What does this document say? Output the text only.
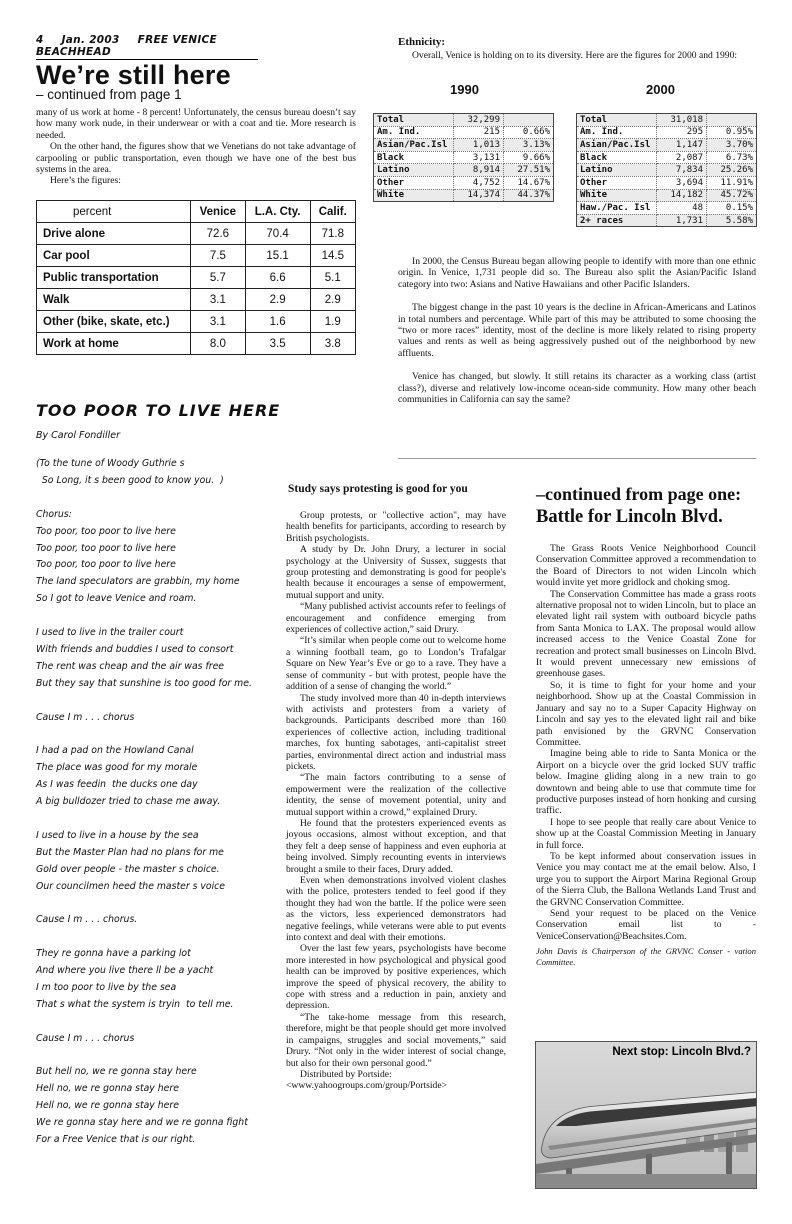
4 Jan. 2003 FREE VENICE BEACHHEAD
We’re still here
– continued from page 1

many of us work at home - 8 percent! Unfortunately, the census bureau doesn’t say how many work nude, in their underwear or with a coat and tie. More research is needed.

On the other hand, the figures show that we Venetians do not take advantage of carpooling or public transportation, even though we have one of the best bus systems in the area.

Here’s the figures:

percent	Venice	L.A. Cty.	Calif.
Drive alone	72.6	70.4	71.8
Car pool	7.5	15.1	14.5
Public transportation	5.7	6.6	5.1
Walk	3.1	2.9	2.9
Other (bike, skate, etc.)	3.1	1.6	1.9
Work at home	8.0	3.5	3.8
Ethnicity:
Overall, Venice is holding on to its diversity. Here are the figures for 2000 and 1990:
1990	2000
Total	32,299	
Am. Ind.	215	0.66%
Asian/Pac.Isl	1,013	3.13%
Black	3,131	9.66%
Latino	8,914	27.51%
Other	4,752	14.67%
White	14,374	44.37%
Total	31,018	
Am. Ind.	295	0.95%
Asian/Pac.Isl	1,147	3.70%
Black	2,087	6.73%
Latino	7,834	25.26%
Other	3,694	11.91%
White	14,182	45.72%
Haw./Pac. Isl	48	0.15%
2+ races	1,731	5.58%

In 2000, the Census Bureau began allowing people to identify with more than one ethnic origin. In Venice, 1,731 people did so. The Bureau also split the Asian/Pacific Island category into two: Asians and Native Hawaiians and other Pacific Islanders.

The biggest change in the past 10 years is the decline in African-Americans and Latinos in total numbers and percentage. While part of this may be attributed to some choosing the “two or more races” identity, most of the decline is more likely related to rising property values and rents as well as being aggressively pushed out of the neighborhood by new affluents.

Venice has changed, but slowly. It still retains its character as a working class (artist class?), diverse and relatively low-income ocean-side community. How many other beach communities in California can say the same?

TOO POOR TO LIVE HERE
By Carol Fondiller
(To the tune of Woody Guthrie s
So Long, it s been good to know you.  )
Chorus:
Too poor, too poor to live here
Too poor, too poor to live here
Too poor, too poor to live here
The land speculators are grabbin, my home
So I got to leave Venice and roam.
I used to live in the trailer court
With friends and buddies I used to consort
The rent was cheap and the air was free
But they say that sunshine is too good for me.
Cause I m . . . chorus
I had a pad on the Howland Canal
The place was good for my morale
As I was feedin  the ducks one day
A big bulldozer tried to chase me away.
I used to live in a house by the sea
But the Master Plan had no plans for me
Gold over people - the master s choice.
Our councilmen heed the master s voice
Cause I m . . . chorus.
They re gonna have a parking lot
And where you live there ll be a yacht
I m too poor to live by the sea
That s what the system is tryin  to tell me.
Cause I m . . . chorus
But hell no, we re gonna stay here
Hell no, we re gonna stay here
Hell no, we re gonna stay here
We re gonna stay here and we re gonna fight
For a Free Venice that is our right.
Study says protesting is good for you

Group protests, or "collective action", may have health benefits for participants, according to research by British psychologists.

A study by Dr. John Drury, a lecturer in social psychology at the University of Sussex, suggests that group protesting and demonstrating is good for people's health because it encourages a sense of empowerment, mutual support and unity.

“Many published activist accounts refer to feelings of encouragement and confidence emerging from experiences of collective action,” said Drury.

“It’s similar when people come out to welcome home a winning football team, go to London’s Trafalgar Square on New Year’s Eve or go to a rave. They have a sense of community - but with protest, people have the addition of a sense of changing the world.”

The study involved more than 40 in-depth interviews with activists and protesters from a variety of backgrounds. Participants described more than 160 experiences of collective action, including traditional marches, fox hunting sabotages, anti-capitalist street parties, environmental direct action and industrial mass pickets.

“The main factors contributing to a sense of empowerment were the realization of the collective identity, the sense of movement potential, unity and mutual support within a crowd,” explained Drury.

He found that the protesters experienced events as joyous occasions, almost without exception, and that they felt a deep sense of happiness and even euphoria at being involved. Simply recounting events in interviews brought a smile to their faces, Drury added.

Even when demonstrations involved violent clashes with the police, protesters tended to feel good if they thought they had won the battle. If the police were seen as the victors, less experienced demonstrators had negative feelings, while veterans were able to put events into context and deal with their emotions.

Over the last few years, psychologists have become more interested in how psychological and physical good health can be improved by positive experiences, which improve the speed of physical recovery, the ability to cope with stress and a reduction in pain, anxiety and depression.

“The take-home message from this research, therefore, might be that people should get more involved in campaigns, struggles and social movements,” said Drury. “Not only in the wider interest of social change, but also for their own personal good.”

Distributed by Portside:

<www.yahoogroups.com/group/Portside>

–continued from page one:
Battle for Lincoln Blvd.

The Grass Roots Venice Neighborhood Council Conservation Committee approved a recommendation to the Board of Directors to not widen Lincoln which would invite yet more gridlock and choking smog.

The Conservation Committee has made a grass roots alternative proposal not to widen Lincoln, but to place an elevated light rail system with outboard bicycle paths from Santa Monica to LAX. The proposal would allow increased access to the Venice Coastal Zone for recreation and protect small businesses on Lincoln Blvd. It would prevent unnecessary new emissions of greenhouse gases.

So, it is time to fight for your home and your neighborhood. Show up at the Coastal Commission in January and say no to a Super Capacity Highway on Lincoln and say yes to the elevated light rail and bike path envisioned by the GRVNC Conservation Committee.

Imagine being able to ride to Santa Monica or the Airport on a bicycle over the grid locked SUV traffic below. Imagine gliding along in a new train to go downtown and being able to use that commute time for productive purposes instead of horn honking and cursing traffic.

I hope to see people that really care about Venice to show up at the Coastal Commission Meeting in January in full force.

To be kept informed about conservation issues in Venice you may contact me at the email below. Also, I urge you to support the Airport Marina Regional Group of the Sierra Club, the Ballona Wetlands Land Trust and the GRVNC Conservation Committee.

Send your request to be placed on the Venice Conservation email list to - VeniceConservation@Beachsites.Com.

John Davis is Chairperson of the GRVNC Conser - vation Committee.
Next stop: Lincoln Blvd.?
